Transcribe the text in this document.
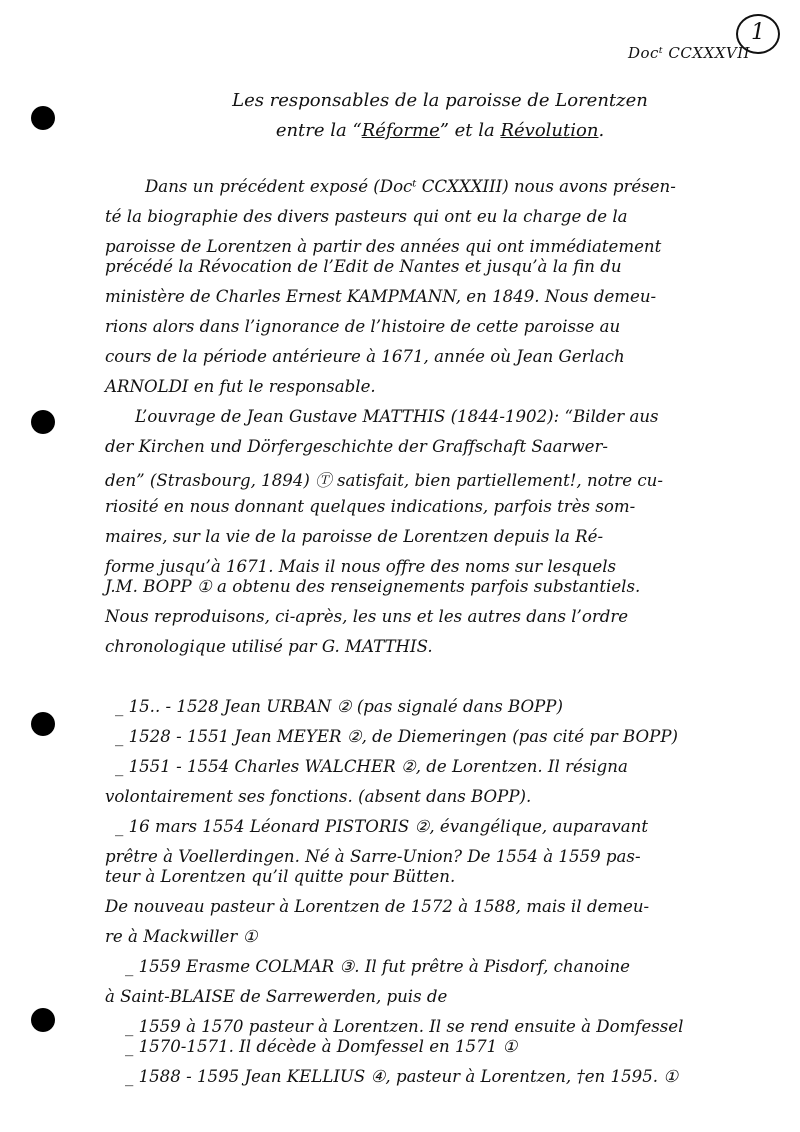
1
Docᵗ CCXXXVII
Les responsables de la paroisse de Lorentzen
entre la “Réforme” et la Révolution.
Dans un précédent exposé (Docᵗ CCXXXIII) nous avons présen-
té la biographie des divers pasteurs qui ont eu la charge de la
paroisse de Lorentzen à partir des années qui ont immédiatement
précédé la Révocation de l’Edit de Nantes et jusqu’à la fin du
ministère de Charles Ernest KAMPMANN, en 1849. Nous demeu-
rions alors dans l’ignorance de l’histoire de cette paroisse au
cours de la période antérieure à 1671, année où Jean Gerlach
ARNOLDI en fut le responsable.
L’ouvrage de Jean Gustave MATTHIS (1844-1902): “Bilder aus
der Kirchen und Dörfergeschichte der Graffschaft Saarwer-
den” (Strasbourg, 1894) Ⓣ satisfait, bien partiellement!, notre cu-
riosité en nous donnant quelques indications, parfois très som-
maires, sur la vie de la paroisse de Lorentzen depuis la Ré-
forme jusqu’à 1671. Mais il nous offre des noms sur lesquels
J.M. BOPP ① a obtenu des renseignements parfois substantiels.
Nous reproduisons, ci-après, les uns et les autres dans l’ordre
chronologique utilisé par G. MATTHIS.
_ 15.. - 1528 Jean URBAN ② (pas signalé dans BOPP)
_ 1528 - 1551 Jean MEYER ②, de Diemeringen (pas cité par BOPP)
_ 1551 - 1554 Charles WALCHER ②, de Lorentzen. Il résigna
volontairement ses fonctions. (absent dans BOPP).
_ 16 mars 1554 Léonard PISTORIS ②, évangélique, auparavant
prêtre à Voellerdingen. Né à Sarre-Union? De 1554 à 1559 pas-
teur à Lorentzen qu’il quitte pour Bütten.
De nouveau pasteur à Lorentzen de 1572 à 1588, mais il demeu-
re à Mackwiller ①
_ 1559 Erasme COLMAR ③. Il fut prêtre à Pisdorf, chanoine
à Saint-BLAISE de Sarrewerden, puis de
_ 1559 à 1570 pasteur à Lorentzen. Il se rend ensuite à Domfessel
_ 1570-1571. Il décède à Domfessel en 1571 ①
_ 1588 - 1595 Jean KELLIUS ④, pasteur à Lorentzen, †en 1595. ①
